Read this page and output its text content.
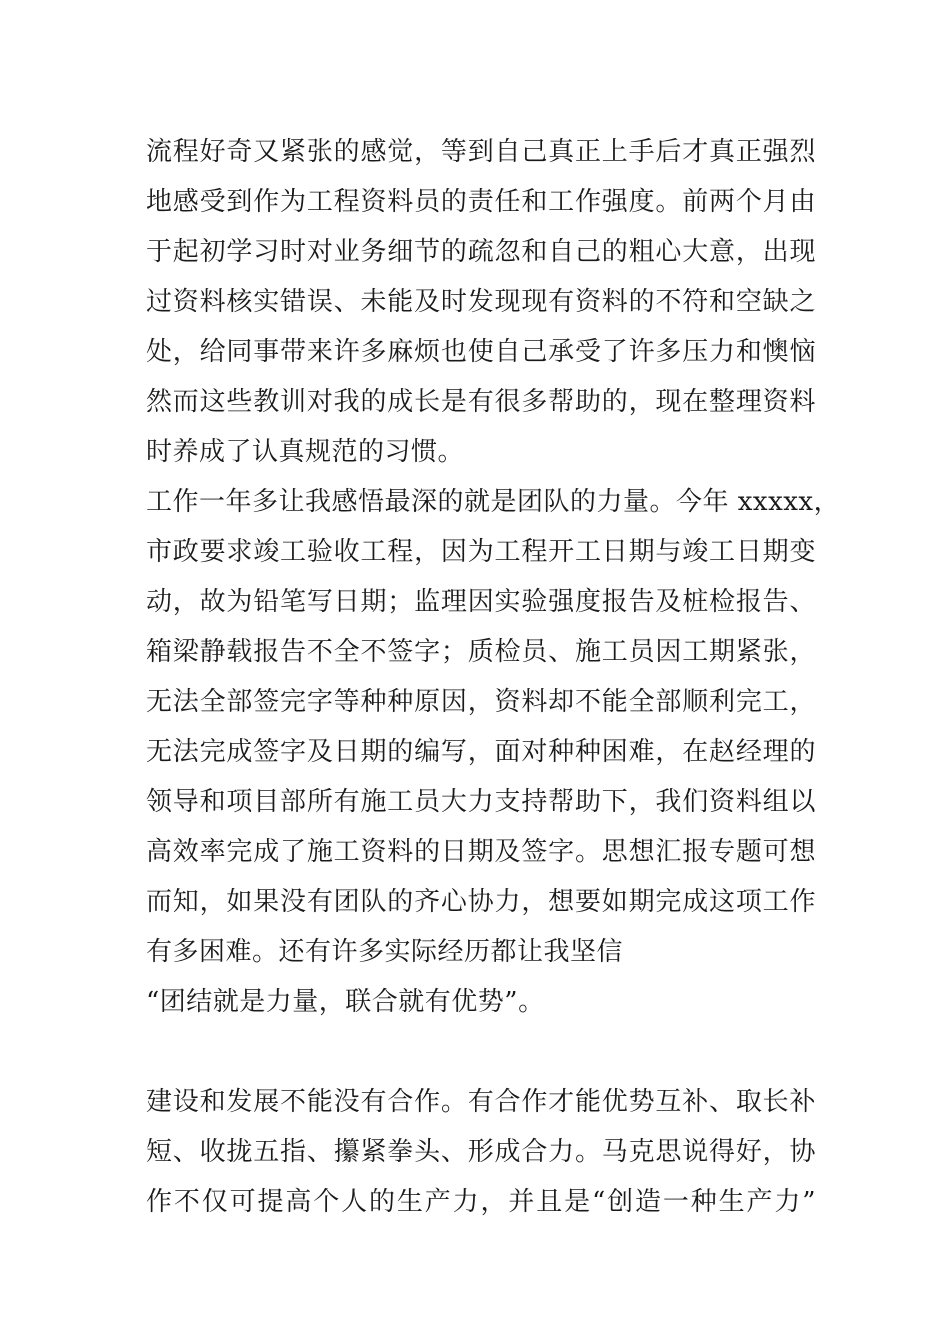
流程好奇又紧张的感觉，等到自己真正上手后才真正强烈
地感受到作为工程资料员的责任和工作强度。前两个月由
于起初学习时对业务细节的疏忽和自己的粗心大意，出现
过资料核实错误、未能及时发现现有资料的不符和空缺之
处，给同事带来许多麻烦也使自己承受了许多压力和懊恼
然而这些教训对我的成长是有很多帮助的，现在整理资料
时养成了认真规范的习惯。
工作一年多让我感悟最深的就是团队的力量。今年 xxxxx，
市政要求竣工验收工程，因为工程开工日期与竣工日期变
动，故为铅笔写日期；监理因实验强度报告及桩检报告、
箱梁静载报告不全不签字；质检员、施工员因工期紧张，
无法全部签完字等种种原因，资料却不能全部顺利完工，
无法完成签字及日期的编写，面对种种困难，在赵经理的
领导和项目部所有施工员大力支持帮助下，我们资料组以
高效率完成了施工资料的日期及签字。思想汇报专题可想
而知，如果没有团队的齐心协力，想要如期完成这项工作
有多困难。还有许多实际经历都让我坚信
“团结就是力量，联合就有优势”。
建设和发展不能没有合作。有合作才能优势互补、取长补
短、收拢五指、攥紧拳头、形成合力。马克思说得好，协
作不仅可提高个人的生产力，并且是“创造一种生产力”
